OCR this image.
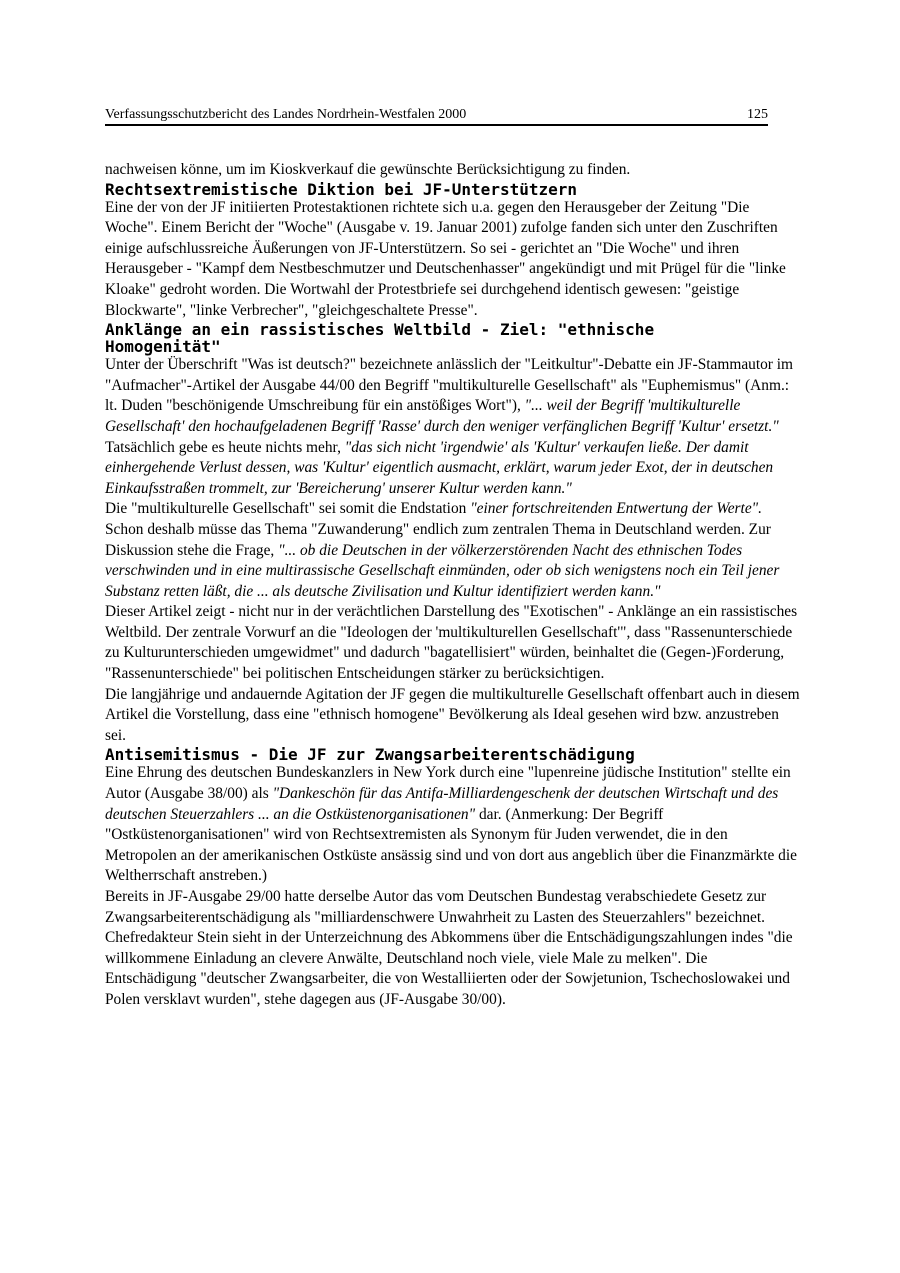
Verfassungsschutzbericht des Landes Nordrhein-Westfalen 2000	125

nachweisen könne, um im Kioskverkauf die gewünschte Berücksichtigung zu finden.

Rechtsextremistische Diktion bei JF-Unterstützern

Eine der von der JF initiierten Protestaktionen richtete sich u.a. gegen den Herausgeber der Zeitung "Die Woche". Einem Bericht der "Woche" (Ausgabe v. 19. Januar 2001) zufolge fanden sich unter den Zuschriften einige aufschlussreiche Äußerungen von JF-Unterstützern. So sei - gerichtet an "Die Woche" und ihren Herausgeber - "Kampf dem Nestbeschmutzer und Deutschenhasser" angekündigt und mit Prügel für die "linke Kloake" gedroht worden. Die Wortwahl der Protestbriefe sei durchgehend identisch gewesen: "geistige Blockwarte", "linke Verbrecher", "gleichgeschaltete Presse".

Anklänge an ein rassistisches Weltbild - Ziel: "ethnische Homogenität"

Unter der Überschrift "Was ist deutsch?" bezeichnete anlässlich der "Leitkultur"-Debatte ein JF-Stammautor im "Aufmacher"-Artikel der Ausgabe 44/00 den Begriff "multikulturelle Gesellschaft" als "Euphemismus" (Anm.: lt. Duden "beschönigende Umschreibung für ein anstößiges Wort"), "... weil der Begriff 'multikulturelle Gesellschaft' den hochaufgeladenen Begriff 'Rasse' durch den weniger verfänglichen Begriff 'Kultur' ersetzt." Tatsächlich gebe es heute nichts mehr, "das sich nicht 'irgendwie' als 'Kultur' verkaufen ließe. Der damit einhergehende Verlust dessen, was 'Kultur' eigentlich ausmacht, erklärt, warum jeder Exot, der in deutschen Einkaufsstraßen trommelt, zur 'Bereicherung' unserer Kultur werden kann."

Die "multikulturelle Gesellschaft" sei somit die Endstation "einer fortschreitenden Entwertung der Werte". Schon deshalb müsse das Thema "Zuwanderung" endlich zum zentralen Thema in Deutschland werden. Zur Diskussion stehe die Frage, "... ob die Deutschen in der völkerzerstörenden Nacht des ethnischen Todes verschwinden und in eine multirassische Gesellschaft einmünden, oder ob sich wenigstens noch ein Teil jener Substanz retten läßt, die ... als deutsche Zivilisation und Kultur identifiziert werden kann."

Dieser Artikel zeigt - nicht nur in der verächtlichen Darstellung des "Exotischen" - Anklänge an ein rassistisches Weltbild. Der zentrale Vorwurf an die "Ideologen der 'multikulturellen Gesellschaft'", dass "Rassenunterschiede zu Kulturunterschieden umgewidmet" und dadurch "bagatellisiert" würden, beinhaltet die (Gegen-)Forderung, "Rassenunterschiede" bei politischen Entscheidungen stärker zu berücksichtigen.

Die langjährige und andauernde Agitation der JF gegen die multikulturelle Gesellschaft offenbart auch in diesem Artikel die Vorstellung, dass eine "ethnisch homogene" Bevölkerung als Ideal gesehen wird bzw. anzustreben sei.

Antisemitismus - Die JF zur Zwangsarbeiterentschädigung

Eine Ehrung des deutschen Bundeskanzlers in New York durch eine "lupenreine jüdische Institution" stellte ein Autor (Ausgabe 38/00) als "Dankeschön für das Antifa-Milliardengeschenk der deutschen Wirtschaft und des deutschen Steuerzahlers ... an die Ostküstenorganisationen" dar. (Anmerkung: Der Begriff "Ostküstenorganisationen" wird von Rechtsextremisten als Synonym für Juden verwendet, die in den Metropolen an der amerikanischen Ostküste ansässig sind und von dort aus angeblich über die Finanzmärkte die Weltherrschaft anstreben.)

Bereits in JF-Ausgabe 29/00 hatte derselbe Autor das vom Deutschen Bundestag verabschiedete Gesetz zur Zwangsarbeiterentschädigung als "milliardenschwere Unwahrheit zu Lasten des Steuerzahlers" bezeichnet. Chefredakteur Stein sieht in der Unterzeichnung des Abkommens über die Entschädigungszahlungen indes "die willkommene Einladung an clevere Anwälte, Deutschland noch viele, viele Male zu melken". Die Entschädigung "deutscher Zwangsarbeiter, die von Westalliierten oder der Sowjetunion, Tschechoslowakei und Polen versklavt wurden", stehe dagegen aus (JF-Ausgabe 30/00).
